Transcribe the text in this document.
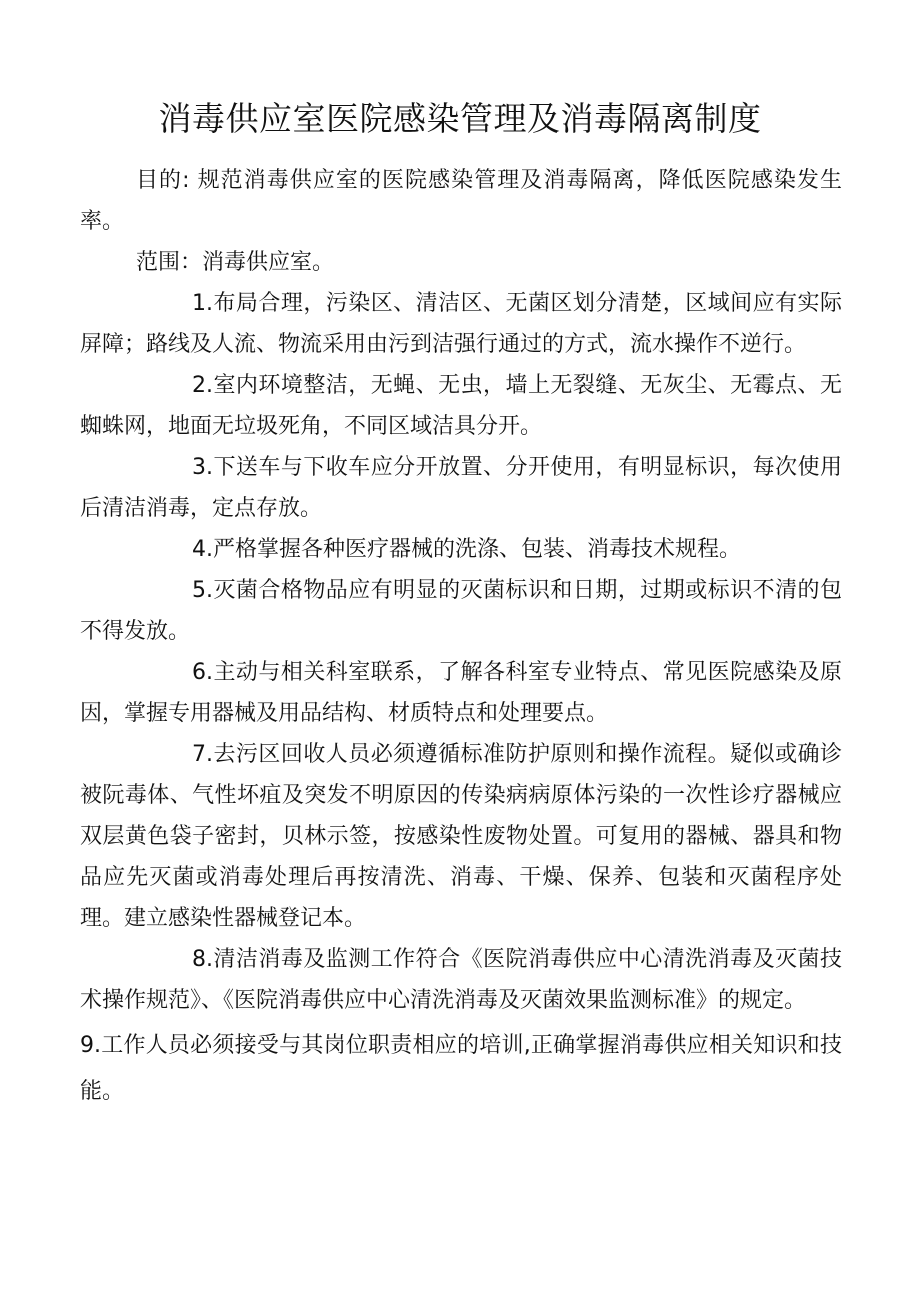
消毒供应室医院感染管理及消毒隔离制度

目的: 规范消毒供应室的医院感染管理及消毒隔离，降低医院感染发生率。

范围：消毒供应室。

1.布局合理，污染区、清洁区、无菌区划分清楚，区域间应有实际屏障；路线及人流、物流采用由污到洁强行通过的方式，流水操作不逆行。

2.室内环境整洁，无蝇、无虫，墙上无裂缝、无灰尘、无霉点、无蜘蛛网，地面无垃圾死角，不同区域洁具分开。

3.下送车与下收车应分开放置、分开使用，有明显标识，每次使用后清洁消毒，定点存放。

4.严格掌握各种医疗器械的洗涤、包装、消毒技术规程。

5.灭菌合格物品应有明显的灭菌标识和日期，过期或标识不清的包不得发放。

6.主动与相关科室联系，了解各科室专业特点、常见医院感染及原因，掌握专用器械及用品结构、材质特点和处理要点。

7.去污区回收人员必须遵循标准防护原则和操作流程。疑似或确诊被阮毒体、气性坏疽及突发不明原因的传染病病原体污染的一次性诊疗器械应双层黄色袋子密封，贝林示签，按感染性废物处置。可复用的器械、器具和物品应先灭菌或消毒处理后再按清洗、消毒、干燥、保养、包装和灭菌程序处理。建立感染性器械登记本。

8.清洁消毒及监测工作符合《医院消毒供应中心清洗消毒及灭菌技术操作规范》、《医院消毒供应中心清洗消毒及灭菌效果监测标准》的规定。

9.工作人员必须接受与其岗位职责相应的培训,正确掌握消毒供应相关知识和技能。
